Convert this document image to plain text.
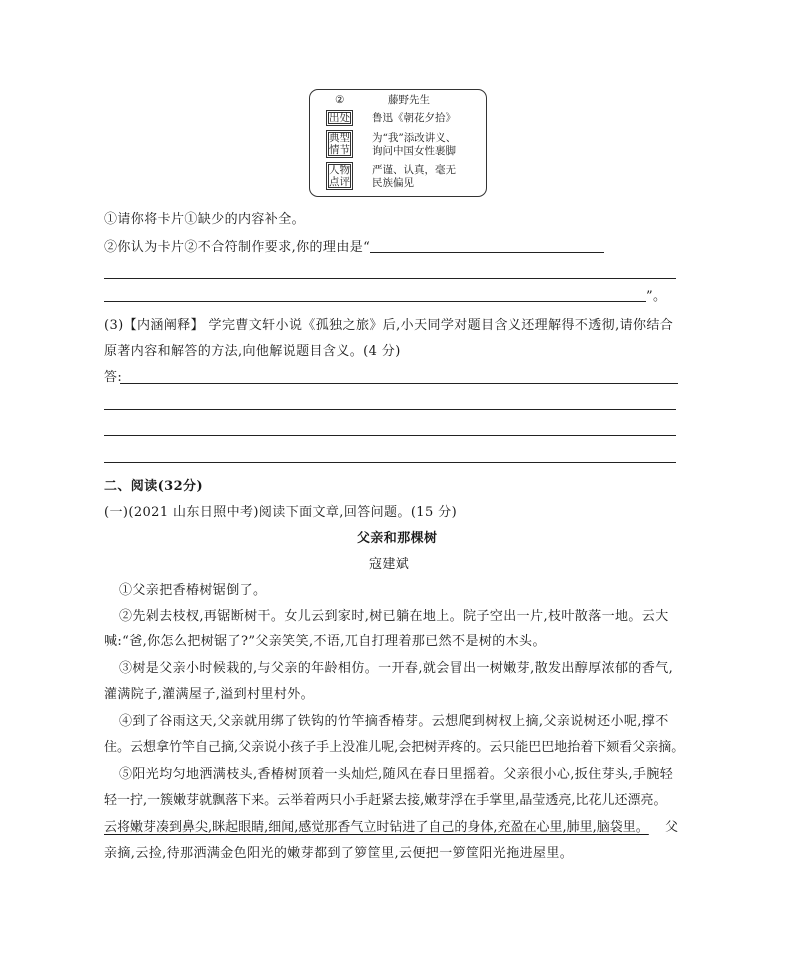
②	藤野先生
出处 鲁迅《朝花夕拾》
典型
情节
为“我”添改讲义、
询问中国女性裹脚
人物
点评
严谨、认真，毫无
民族偏见
①请你将卡片①缺少的内容补全。
②你认为卡片②不合符制作要求,你的理由是“
”。
(3)【内涵阐释】 学完曹文轩小说《孤独之旅》后,小天同学对题目含义还理解得不透彻,请你结合
原著内容和解答的方法,向他解说题目含义。(4 分)
答:
二、阅读(32分)
(一)(2021 山东日照中考)阅读下面文章,回答问题。(15 分)
父亲和那棵树
寇建斌
①父亲把香椿树锯倒了。
②先剁去枝杈,再锯断树干。女儿云到家时,树已躺在地上。院子空出一片,枝叶散落一地。云大
喊:“爸,你怎么把树锯了?”父亲笑笑,不语,兀自打理着那已然不是树的木头。
③树是父亲小时候栽的,与父亲的年龄相仿。一开春,就会冒出一树嫩芽,散发出醇厚浓郁的香气,
灌满院子,灌满屋子,溢到村里村外。
④到了谷雨这天,父亲就用绑了铁钩的竹竿摘香椿芽。云想爬到树杈上摘,父亲说树还小呢,撑不
住。云想拿竹竿自己摘,父亲说小孩子手上没准儿呢,会把树弄疼的。云只能巴巴地抬着下颏看父亲摘。
⑤阳光均匀地洒满枝头,香椿树顶着一头灿烂,随风在春日里摇着。父亲很小心,扳住芽头,手腕轻
轻一拧,一簇嫩芽就飘落下来。云举着两只小手赶紧去接,嫩芽浮在手掌里,晶莹透亮,比花儿还漂亮。
云将嫩芽凑到鼻尖,眯起眼睛,细闻,感觉那香气立时钻进了自己的身体,充盈在心里,肺里,脑袋里。 父
亲摘,云捡,待那洒满金色阳光的嫩芽都到了箩筐里,云便把一箩筐阳光拖进屋里。
